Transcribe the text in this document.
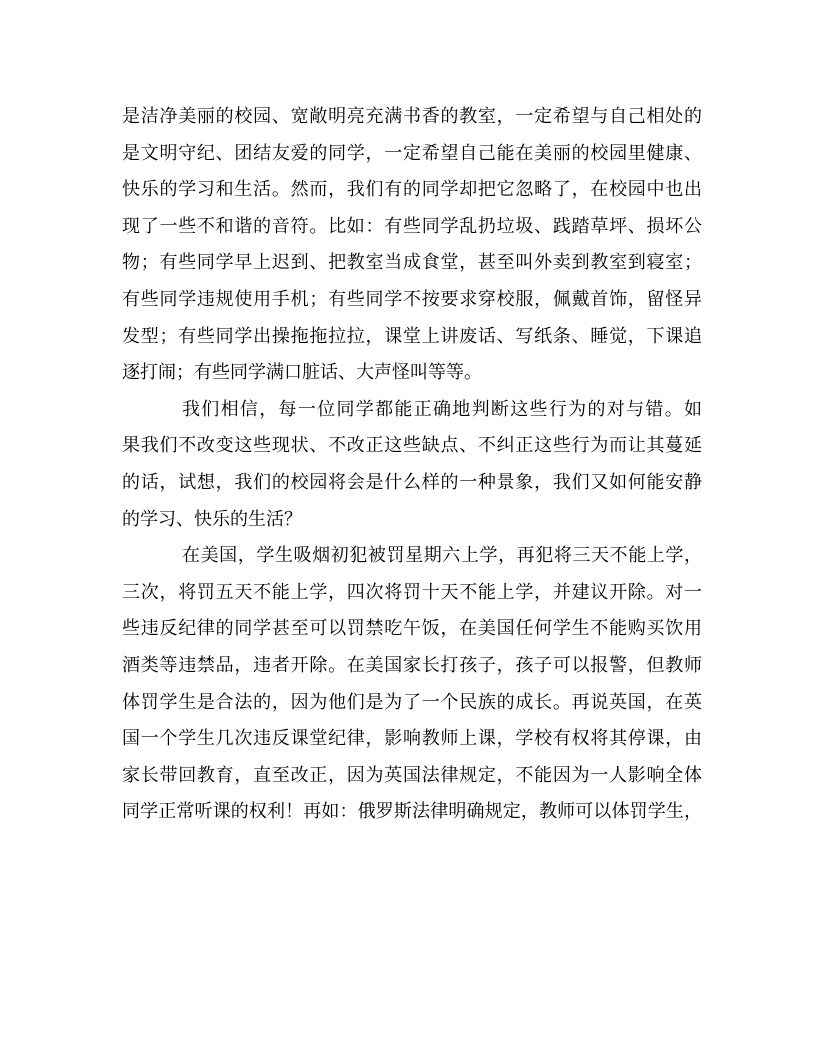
是洁净美丽的校园、宽敞明亮充满书香的教室，一定希望与自己相处的
是文明守纪、团结友爱的同学，一定希望自己能在美丽的校园里健康、
快乐的学习和生活。然而，我们有的同学却把它忽略了，在校园中也出
现了一些不和谐的音符。比如：有些同学乱扔垃圾、践踏草坪、损坏公
物；有些同学早上迟到、把教室当成食堂，甚至叫外卖到教室到寝室；
有些同学违规使用手机；有些同学不按要求穿校服，佩戴首饰，留怪异
发型；有些同学出操拖拖拉拉，课堂上讲废话、写纸条、睡觉，下课追
逐打闹；有些同学满口脏话、大声怪叫等等。
我们相信，每一位同学都能正确地判断这些行为的对与错。如
果我们不改变这些现状、不改正这些缺点、不纠正这些行为而让其蔓延
的话，试想，我们的校园将会是什么样的一种景象，我们又如何能安静
的学习、快乐的生活？
在美国，学生吸烟初犯被罚星期六上学，再犯将三天不能上学，
三次，将罚五天不能上学，四次将罚十天不能上学，并建议开除。对一
些违反纪律的同学甚至可以罚禁吃午饭，在美国任何学生不能购买饮用
酒类等违禁品，违者开除。在美国家长打孩子，孩子可以报警，但教师
体罚学生是合法的，因为他们是为了一个民族的成长。再说英国，在英
国一个学生几次违反课堂纪律，影响教师上课，学校有权将其停课，由
家长带回教育，直至改正，因为英国法律规定，不能因为一人影响全体
同学正常听课的权利！再如：俄罗斯法律明确规定，教师可以体罚学生，
